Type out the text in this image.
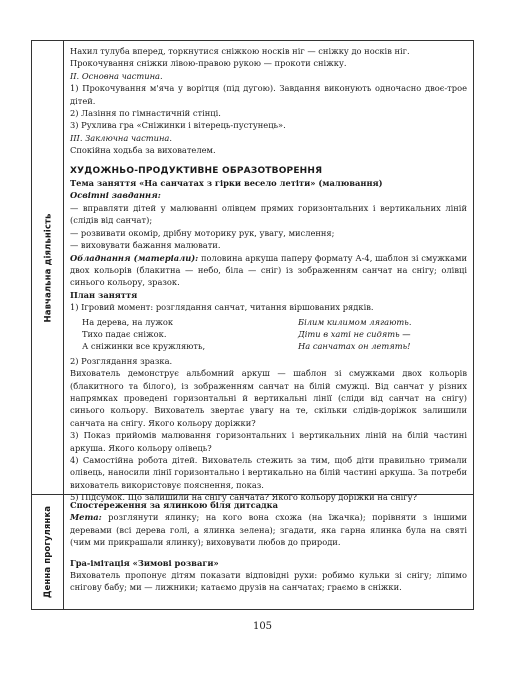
Навчальна діяльність
Денна прогулянка

Нахил тулуба вперед, торкнутися сніжкою носків ніг — сніжку до носків ніг.

Прокочування сніжки лівою-правою рукою — прокоти сніжку.

ІІ. Основна частина.

1) Прокочування м'яча у ворітця (під дугою). Завдання виконують одночасно двоє-трое дітей.

2) Лазіння по гімнастичній стінці.

3) Рухлива гра «Сніжинки і вітерець-пустунець».

ІІІ. Заключна частина.

Спокійна ходьба за вихователем.

ХУДОЖНЬО-ПРОДУКТИВНЕ ОБРАЗОТВОРЕННЯ

Тема заняття «На санчатах з гірки весело летіти» (малювання)

Освітні завдання:

— вправляти дітей у малюванні олівцем прямих горизонтальних і вертикальних ліній (слідів від санчат);

— розвивати окомір, дрібну моторику рук, увагу, мислення;

— виховувати бажання малювати.

Обладнання (матеріали): половина аркуша паперу формату А-4, шаблон зі смужками двох кольорів (блакитна — небо, біла — сніг) із зображенням санчат на снігу; олівці синього кольору, зразок.

План заняття

1) Ігровий момент: розглядання санчат, читання віршованих рядків.

На дерева, на лужок

Тихо падає сніжок.

А сніжинки все кружляють,

Білим килимом лягають.

Діти в хаті не сидять —

На санчатах он летять!

2) Розглядання зразка.

Вихователь демонструє альбомний аркуш — шаблон зі смужками двох кольорів (блакитного та білого), із зображенням санчат на білій смужці. Від санчат у різних напрямках проведені горизонтальні й вертикальні лінії (сліди від санчат на снігу) синього кольору. Вихователь звертає увагу на те, скільки слідів-доріжок залишили санчата на снігу. Якого кольору доріжки?

3) Показ прийомів малювання горизонтальних і вертикальних ліній на білій частині аркуша. Якого кольору олівець?

4) Самостійна робота дітей. Вихователь стежить за тим, щоб діти правильно тримали олівець, наносили лінії горизонтально і вертикально на білій частині аркуша. За потреби вихователь використовує пояснення, показ.

5) Підсумок. Що залишили на снігу санчата? Якого кольору доріжки на снігу?

Спостереження за ялинкою біля дитсадка

Мета: розглянути ялинку; на кого вона схожа (на їжачка); порівняти з іншими деревами (всі дерева голі, а ялинка зелена); згадати, яка гарна ялинка була на святі (чим ми прикрашали ялинку); виховувати любов до природи.

Гра-імітація «Зимові розваги»

Вихователь пропонує дітям показати відповідні рухи: робимо кульки зі снігу; ліпимо снігову бабу; ми — лижники; катаємо друзів на санчатах; граємо в сніжки.

105
